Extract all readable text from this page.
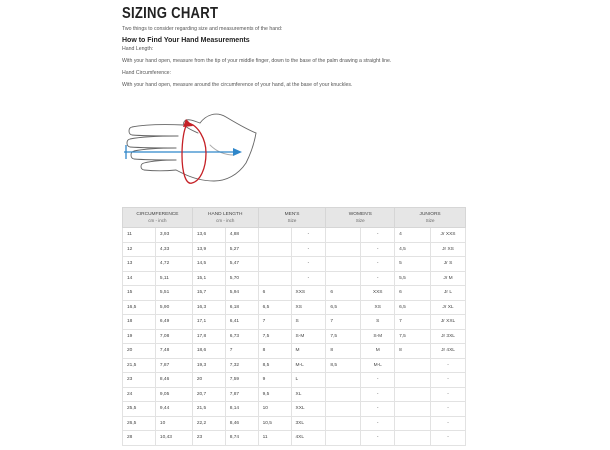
SIZING CHART
Two things to consider regarding size and measurements of the hand:
How to Find Your Hand Measurements
Hand Length:
With your hand open, measure from the tip of your middle finger, down to the base of the palm drawing a straight line.
Hand Circumference:
With your hand open, measure around the circumference of your hand, at the base of your knuckles.
CIRCUMFERENCE
cm - inch		HAND LENGTH
cm - inch		MEN'S
Size		WOMEN'S
Size		JUNIORS
Size	

11	3,93	13,6	4,88		-		-	4	Jr XXS
12	4,33	13,9	5,27		-		-	4,5	Jr XS
13	4,72	14,5	5,47		-		-	5	Jr S
14	5,11	15,1	5,70		-		-	5,5	Jr M
15	5,51	15,7	5,94	6	XXS	6	XXS	6	Jr L
16,5	5,90	16,3	6,18	6,5	XS	6,5	XS	6,5	Jr XL
18	6,49	17,1	6,41	7	S	7	S	7	Jr XXL
19	7,08	17,8	6,73	7,5	S-M	7,5	S-M	7,5	Jr 3XL
20	7,48	18,6	7	8	M	8	M	8	Jr 4XL
21,5	7,87	19,3	7,32	8,5	M-L	8,5	M-L		-
23	8,46	20	7,59	9	L		-		-
24	9,05	20,7	7,87	9,5	XL		-		-
25,5	9,44	21,5	8,14	10	XXL		-		-
26,5	10	22,2	8,46	10,5	3XL		-		-
28	10,43	23	8,74	11	4XL		-		-
